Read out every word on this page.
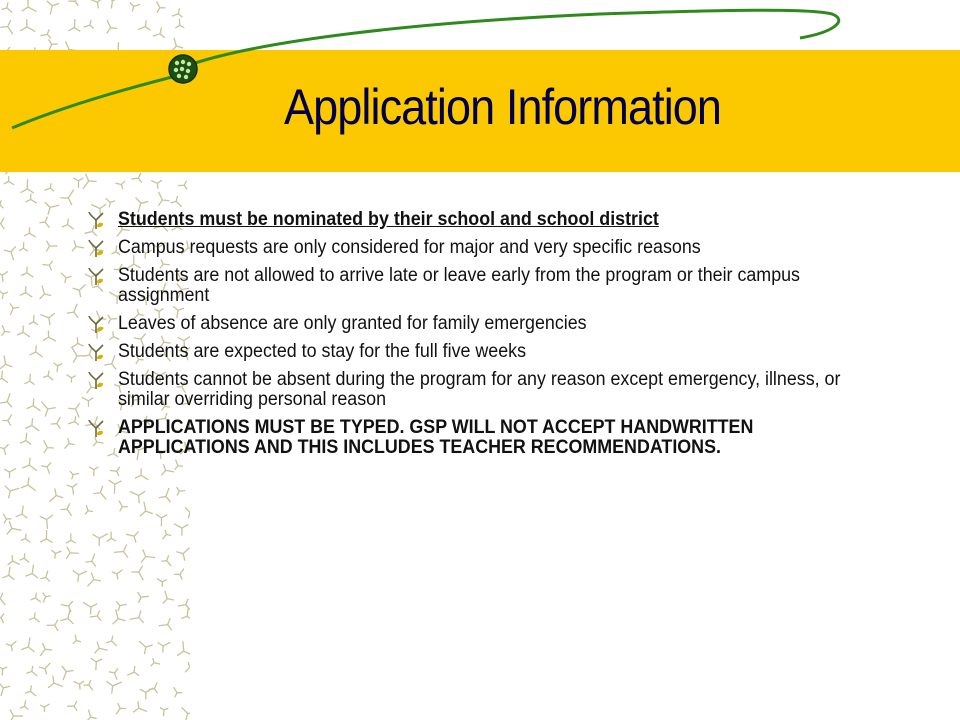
Application Information
Students must be nominated by their school and school district
Campus requests are only considered for major and very specific reasons
Students are not allowed to arrive late or leave early from the program or their campus assignment
Leaves of absence are only granted for family emergencies
Students are expected to stay for the full five weeks
Students cannot be absent during the program for any reason except emergency, illness, or similar overriding personal reason
APPLICATIONS MUST BE TYPED. GSP WILL NOT ACCEPT HANDWRITTEN APPLICATIONS AND THIS INCLUDES TEACHER RECOMMENDATIONS.
